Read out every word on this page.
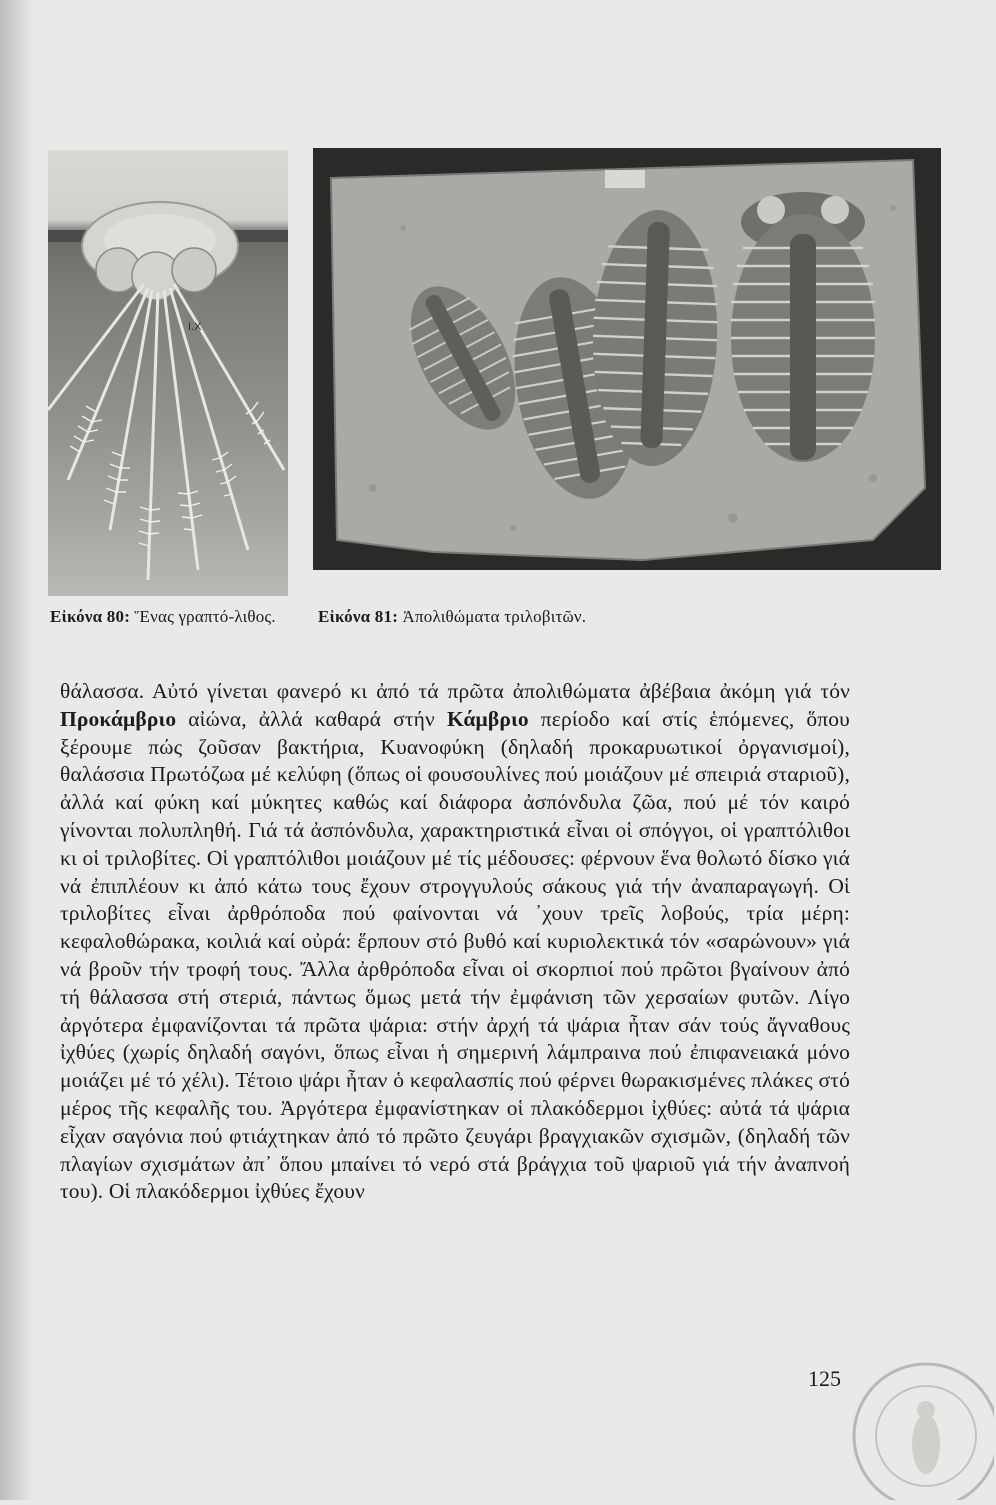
I.X
Εἰκόνα 80: Ἕνας γραπτό-λιθος.	Εἰκόνα 81: Ἀπολιθώματα τριλοβιτῶν.
θάλασσα. Αὐτό γίνεται φανερό κι ἀπό τά πρῶτα ἀπολιθώματα ἀβέβαια ἀκόμη γιά τόν Προκάμβριο αἰώνα, ἀλλά καθαρά στήν Κάμβριο περίοδο καί στίς ἑπόμενες, ὅπου ξέρουμε πώς ζοῦσαν βακτήρια, Κυανοφύκη (δηλαδή προκαρυωτικοί ὀργανισμοί), θαλάσσια Πρωτόζωα μέ κελύφη (ὅπως οἱ φουσουλίνες πού μοιάζουν μέ σπειριά σταριοῦ), ἀλλά καί φύκη καί μύκητες καθώς καί διάφορα ἀσπόνδυλα ζῶα, πού μέ τόν καιρό γίνονται πολυπληθή. Γιά τά ἀσπόνδυλα, χαρακτηριστικά εἶναι οἱ σπόγγοι, οἱ γραπτόλιθοι κι οἱ τριλοβίτες. Οἱ γραπτόλιθοι μοιάζουν μέ τίς μέδουσες: φέρνουν ἕνα θολωτό δίσκο γιά νά ἐπιπλέουν κι ἀπό κάτω τους ἔχουν στρογγυλούς σάκους γιά τήν ἀναπαραγωγή. Οἱ τριλοβίτες εἶναι ἀρθρόποδα πού φαίνονται νά ᾿χουν τρεῖς λοβούς, τρία μέρη: κεφαλοθώρακα, κοιλιά καί οὐρά: ἕρπουν στό βυθό καί κυριολεκτικά τόν «σαρώνουν» γιά νά βροῦν τήν τροφή τους. Ἄλλα ἀρθρόποδα εἶναι οἱ σκορπιοί πού πρῶτοι βγαίνουν ἀπό τή θάλασσα στή στεριά, πάντως ὅμως μετά τήν ἐμφάνιση τῶν χερσαίων φυτῶν. Λίγο ἀργότερα ἐμφανίζονται τά πρῶτα ψάρια: στήν ἀρχή τά ψάρια ἦταν σάν τούς ἄγναθους ἰχθύες (χωρίς δηλαδή σαγόνι, ὅπως εἶναι ἡ σημερινή λάμπραινα πού ἐπιφανειακά μόνο μοιάζει μέ τό χέλι). Τέτοιο ψάρι ἦταν ὁ κεφαλασπίς πού φέρνει θωρακισμένες πλάκες στό μέρος τῆς κεφαλῆς του. Ἀργότερα ἐμφανίστηκαν οἱ πλακόδερμοι ἰχθύες: αὐτά τά ψάρια εἶχαν σαγόνια πού φτιάχτηκαν ἀπό τό πρῶτο ζευγάρι βραγχιακῶν σχισμῶν, (δηλαδή τῶν πλαγίων σχισμάτων ἀπ᾿ ὅπου μπαίνει τό νερό στά βράγχια τοῦ ψαριοῦ γιά τήν ἀναπνοή του). Οἱ πλακόδερμοι ἰχθύες ἔχουν
125
